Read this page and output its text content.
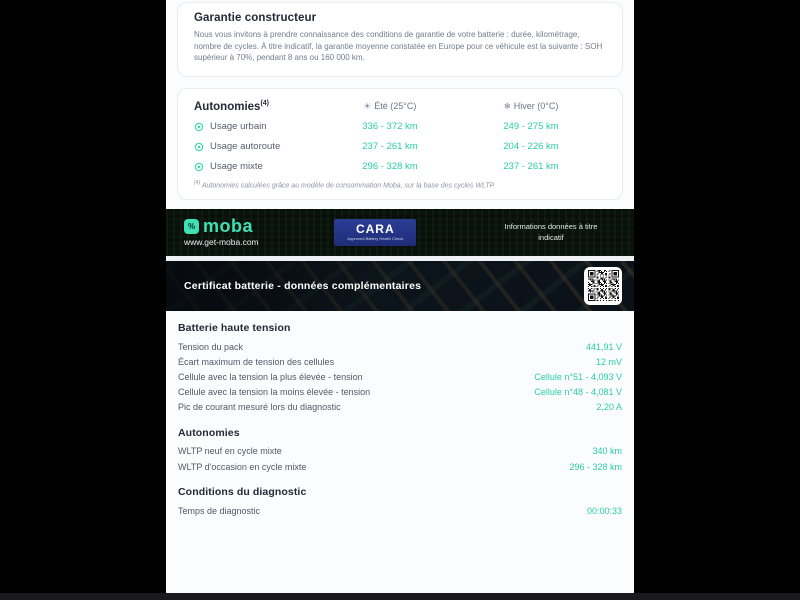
Garantie constructeur

Nous vous invitons à prendre connaissance des conditions de garantie de votre batterie : durée, kilométrage, nombre de cycles. À titre indicatif, la garantie moyenne constatée en Europe pour ce véhicule est la suivante : SOH supérieur à 70%, pendant 8 ans ou 160 000 km.

Autonomies$^{(4)}$	☀ Été (25°C)	❄ Hiver (0°C)
Usage urbain	336 - 372 km	249 - 275 km
Usage autoroute	237 - 261 km	204 - 226 km
Usage mixte	296 - 328 km	237 - 261 km
$^{(4)}$ Autonomies calculées grâce au modèle de consommation Moba, sur la base des cycles WLTP.
% moba
www.get-moba.com
CARA
Approved Battery Health Check
Informations données à titre indicatif
Certificat batterie - données complémentaires
Batterie haute tension
Tension du pack	441,91 V
Écart maximum de tension des cellules	12 mV
Cellule avec la tension la plus élevée - tension	Cellule n°51 - 4,093 V
Cellule avec la tension la moins élevée - tension	Cellule n°48 - 4,081 V
Pic de courant mesuré lors du diagnostic	2,20 A
Autonomies
WLTP neuf en cycle mixte	340 km
WLTP d'occasion en cycle mixte	296 - 328 km
Conditions du diagnostic
Temps de diagnostic	00:00:33
